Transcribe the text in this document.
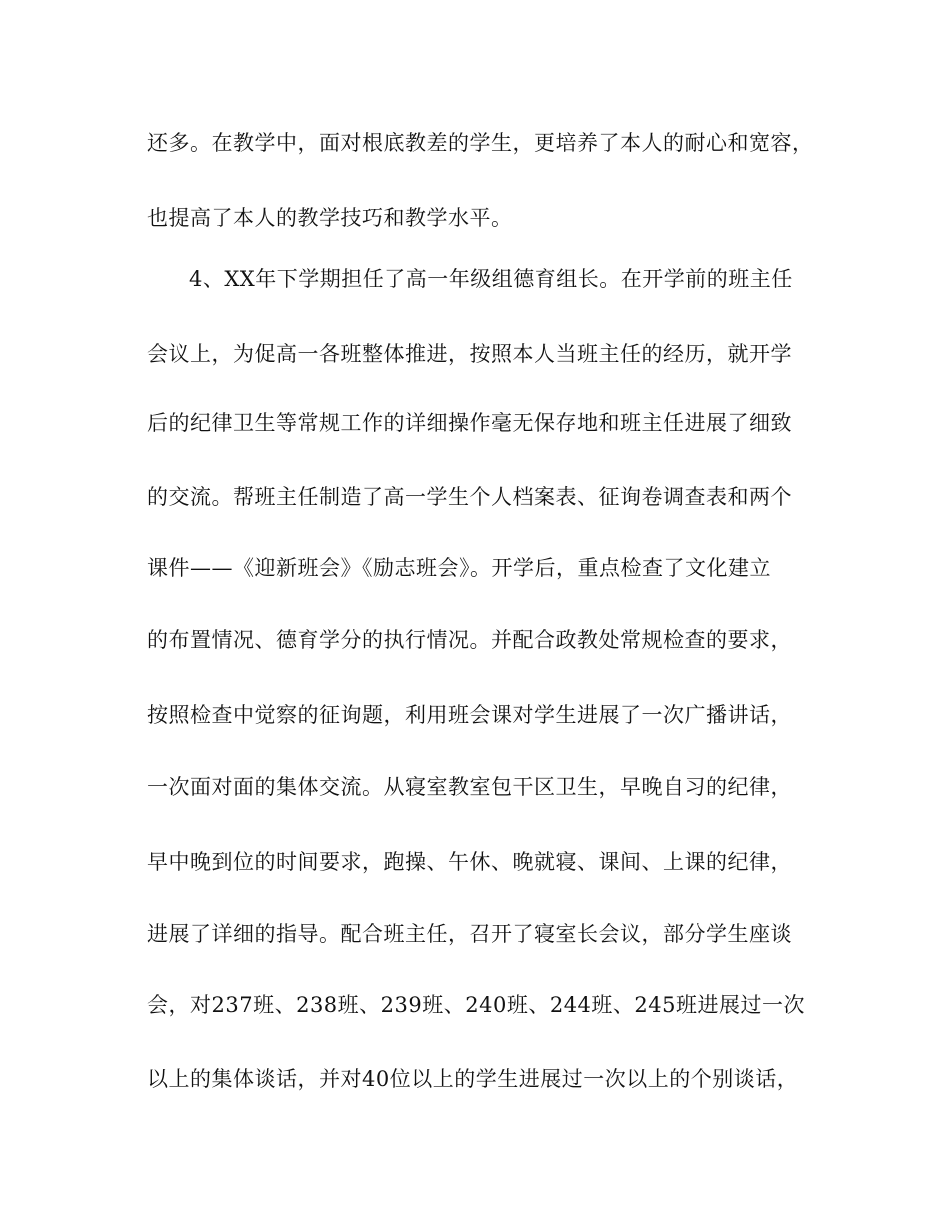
还多。在教学中，面对根底教差的学生，更培养了本人的耐心和宽容，
也提高了本人的教学技巧和教学水平。
4、XX年下学期担任了高一年级组德育组长。在开学前的班主任
会议上，为促高一各班整体推进，按照本人当班主任的经历，就开学
后的纪律卫生等常规工作的详细操作毫无保存地和班主任进展了细致
的交流。帮班主任制造了高一学生个人档案表、征询卷调查表和两个
课件——《迎新班会》《励志班会》。开学后，重点检查了文化建立
的布置情况、德育学分的执行情况。并配合政教处常规检查的要求，
按照检查中觉察的征询题，利用班会课对学生进展了一次广播讲话，
一次面对面的集体交流。从寝室教室包干区卫生，早晚自习的纪律，
早中晚到位的时间要求，跑操、午休、晚就寝、课间、上课的纪律，
进展了详细的指导。配合班主任，召开了寝室长会议，部分学生座谈
会，对237班、238班、239班、240班、244班、245班进展过一次
以上的集体谈话，并对40位以上的学生进展过一次以上的个别谈话，
